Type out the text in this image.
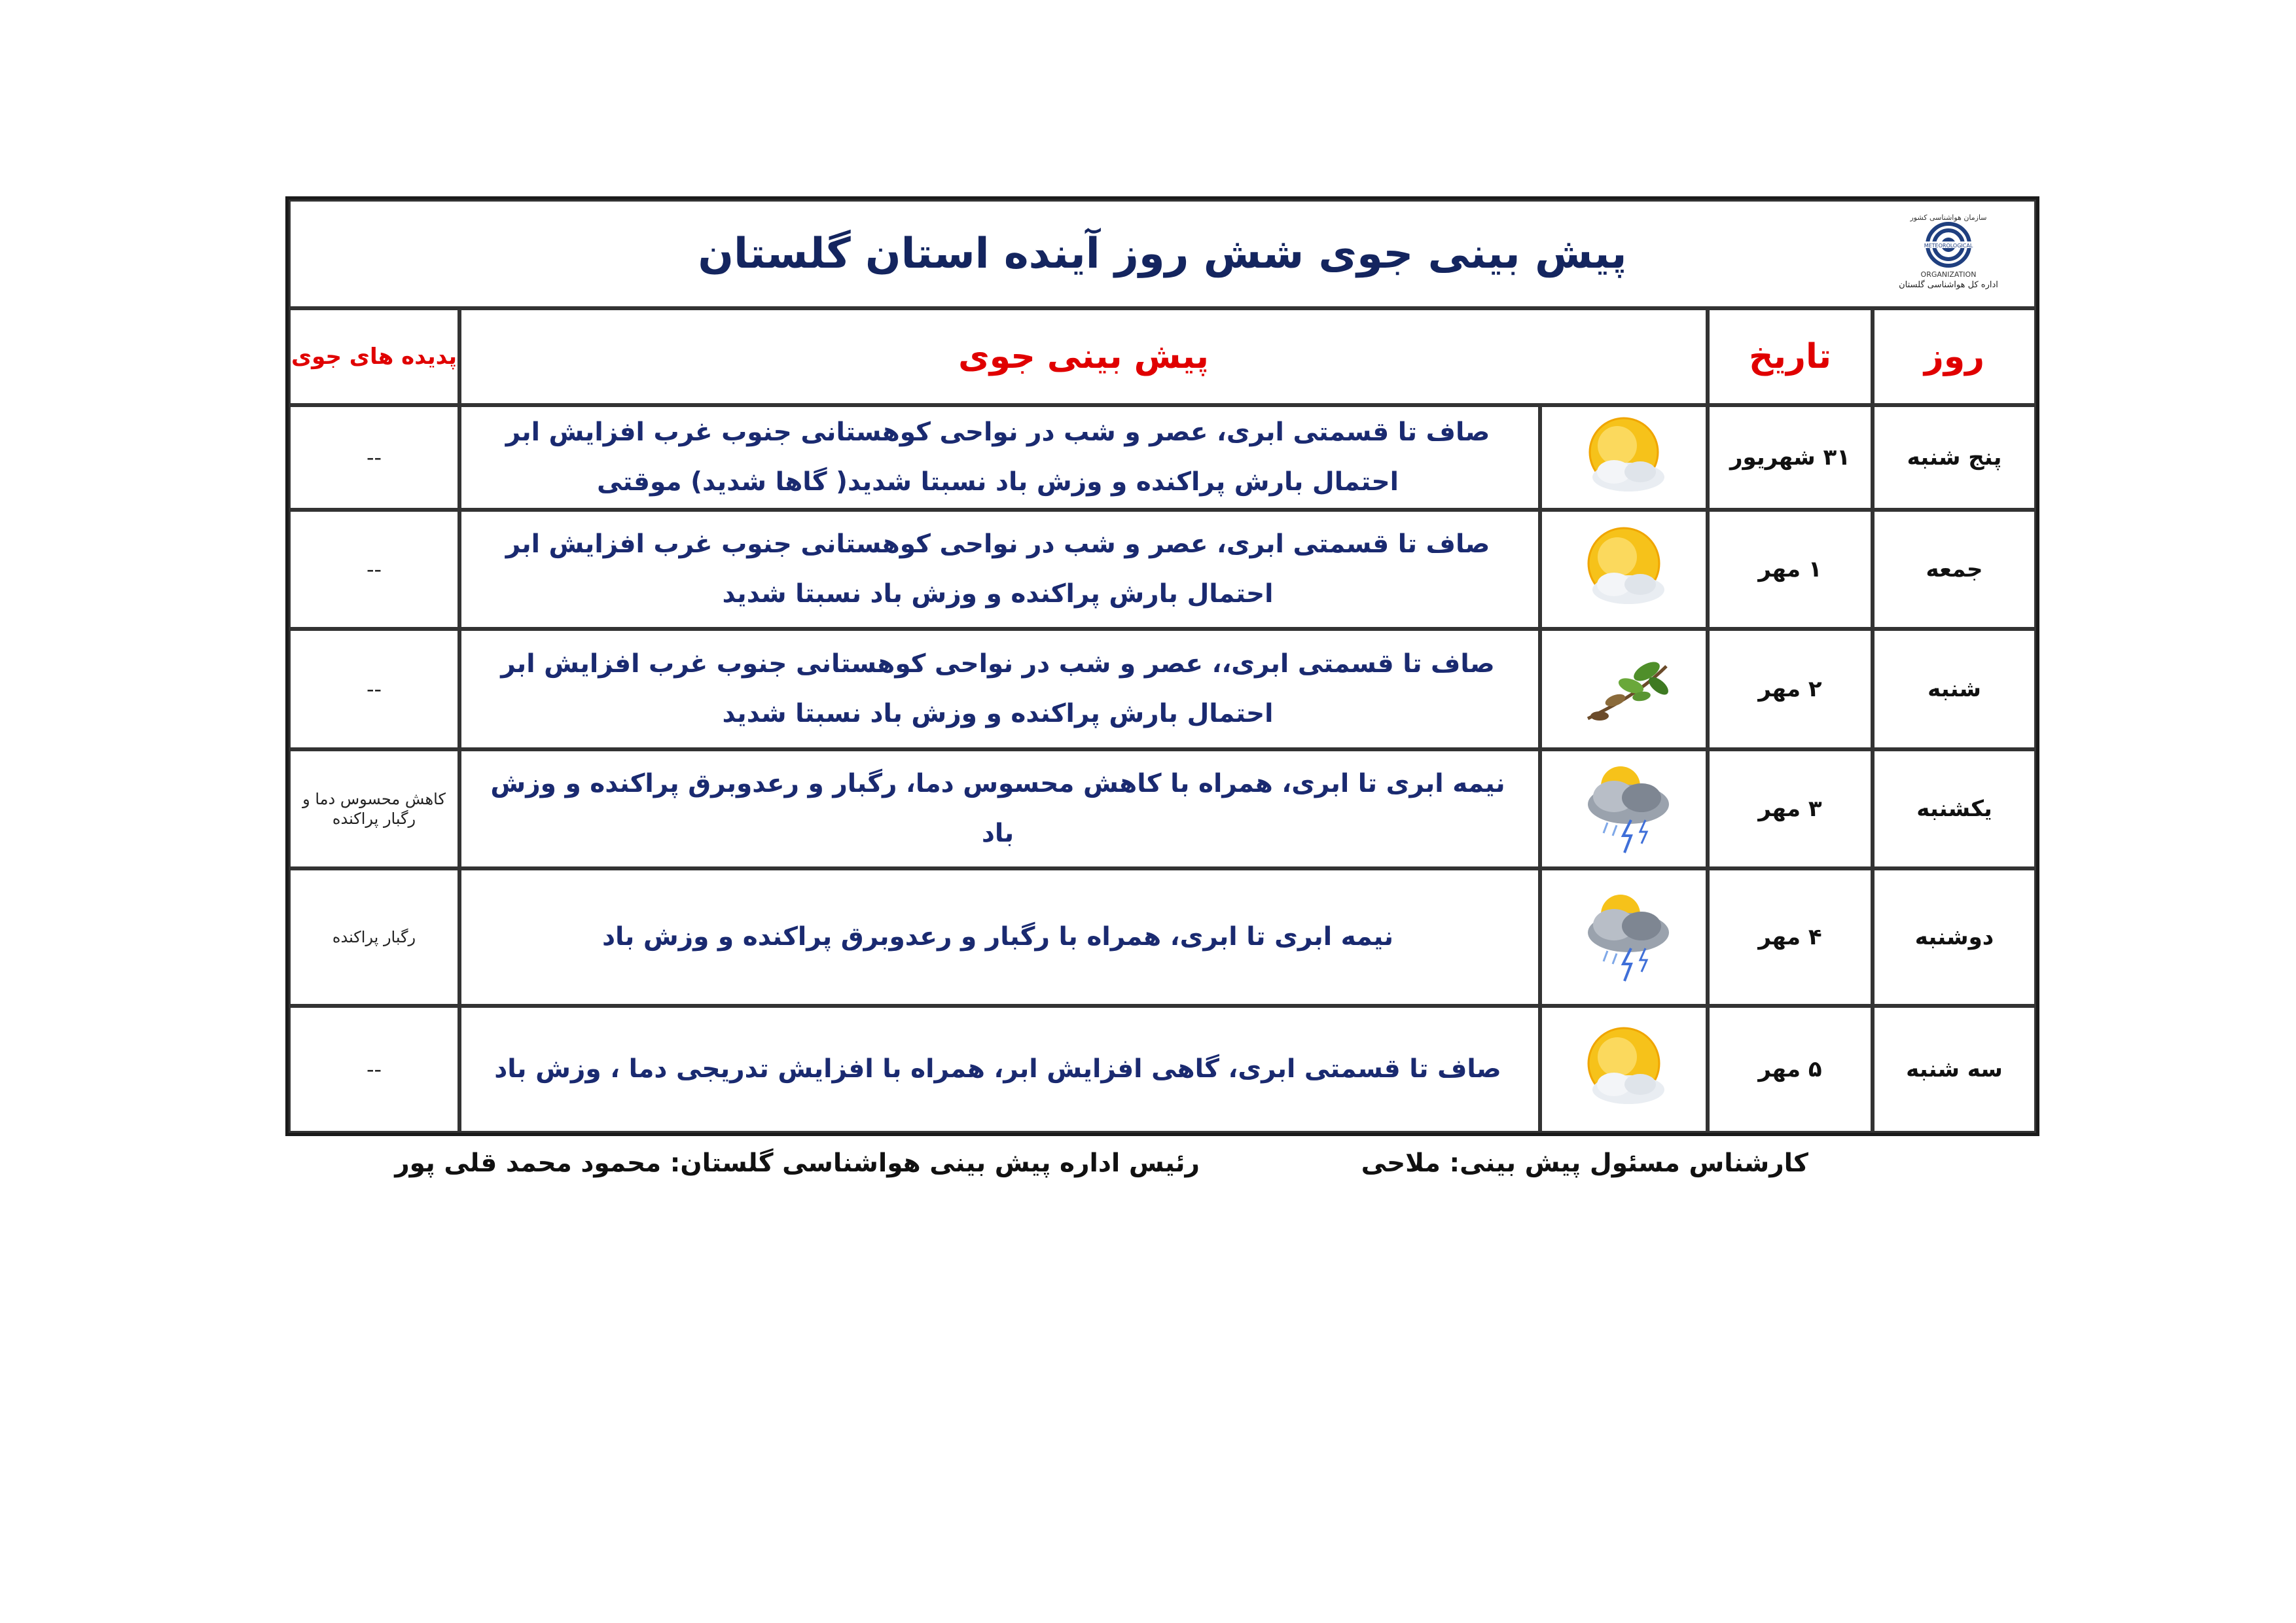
سازمان هواشناسی کشور
METEOROLOGICAL
ORGANIZATION
اداره کل هواشناسی گلستان
پیش بینی جوی شش روز آینده استان گلستان				
روز	تاریخ	پیش بینی جوی		پدیده های جوی
پنج شنبه	۳۱ شهریور		صاف تا قسمتی ابری، عصر و شب در نواحی کوهستانی جنوب غرب افزایش ابر احتمال بارش پراکنده و وزش باد نسبتا شدید( گاها شدید) موقتی	--
جمعه	۱ مهر		صاف تا قسمتی ابری، عصر و شب در نواحی کوهستانی جنوب غرب افزایش ابر احتمال بارش پراکنده و وزش باد نسبتا شدید	--
شنبه	۲ مهر		صاف تا قسمتی ابری،، عصر و شب در نواحی کوهستانی جنوب غرب افزایش ابر احتمال بارش پراکنده و وزش باد نسبتا شدید	--
یکشنبه	۳ مهر		نیمه ابری تا ابری، همراه با کاهش محسوس دما، رگبار و رعدوبرق پراکنده و وزش باد	کاهش محسوس دما و رگبار پراکنده
دوشنبه	۴ مهر		نیمه ابری تا ابری، همراه با رگبار و رعدوبرق پراکنده و وزش باد	رگبار پراکنده
سه شنبه	۵ مهر		صاف تا قسمتی ابری، گاهی افزایش ابر، همراه با افزایش تدریجی دما ، وزش باد	--
کارشناس مسئول پیش بینی: ملاحی
رئیس اداره پیش بینی هواشناسی گلستان: محمود محمد قلی پور
